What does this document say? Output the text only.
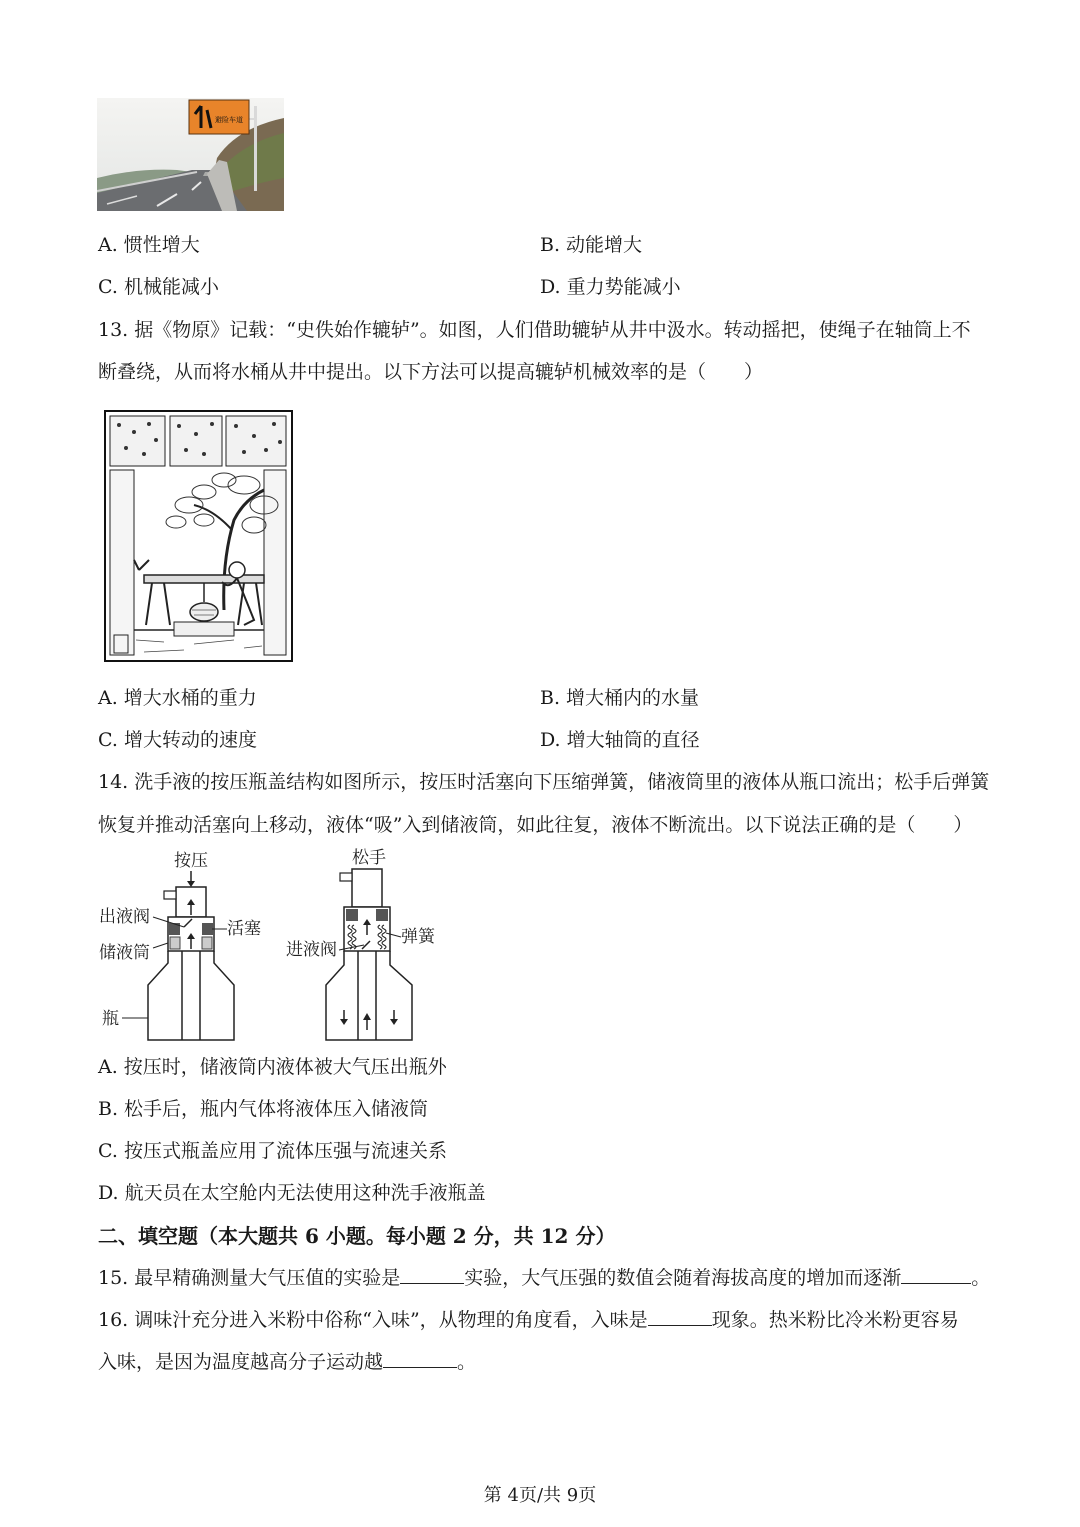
避险车道
A. 惯性增大	B. 动能增大
C. 机械能减小	D. 重力势能减小
13. 据《物原》记载：“史佚始作辘轳”。如图，人们借助辘轳从井中汲水。转动摇把，使绳子在轴筒上不
断叠绕，从而将水桶从井中提出。以下方法可以提高辘轳机械效率的是（　　）
A. 增大水桶的重力	B. 增大桶内的水量
C. 增大转动的速度	D. 增大轴筒的直径
14. 洗手液的按压瓶盖结构如图所示，按压时活塞向下压缩弹簧，储液筒里的液体从瓶口流出；松手后弹簧
恢复并推动活塞向上移动，液体“吸”入到储液筒，如此往复，液体不断流出。以下说法正确的是（　　）
按压
出液阀
活塞
储液筒
瓶
松手
进液阀
弹簧
A. 按压时，储液筒内液体被大气压出瓶外
B. 松手后，瓶内气体将液体压入储液筒
C. 按压式瓶盖应用了流体压强与流速关系
D. 航天员在太空舱内无法使用这种洗手液瓶盖
二、填空题（本大题共 6 小题。每小题 2 分，共 12 分）
15. 最早精确测量大气压值的实验是	实验，大气压强的数值会随着海拔高度的增加而逐渐	。
16. 调味汁充分进入米粉中俗称“入味”，从物理的角度看，入味是	现象。热米粉比冷米粉更容易
入味，是因为温度越高分子运动越	。
第 4页/共 9页
